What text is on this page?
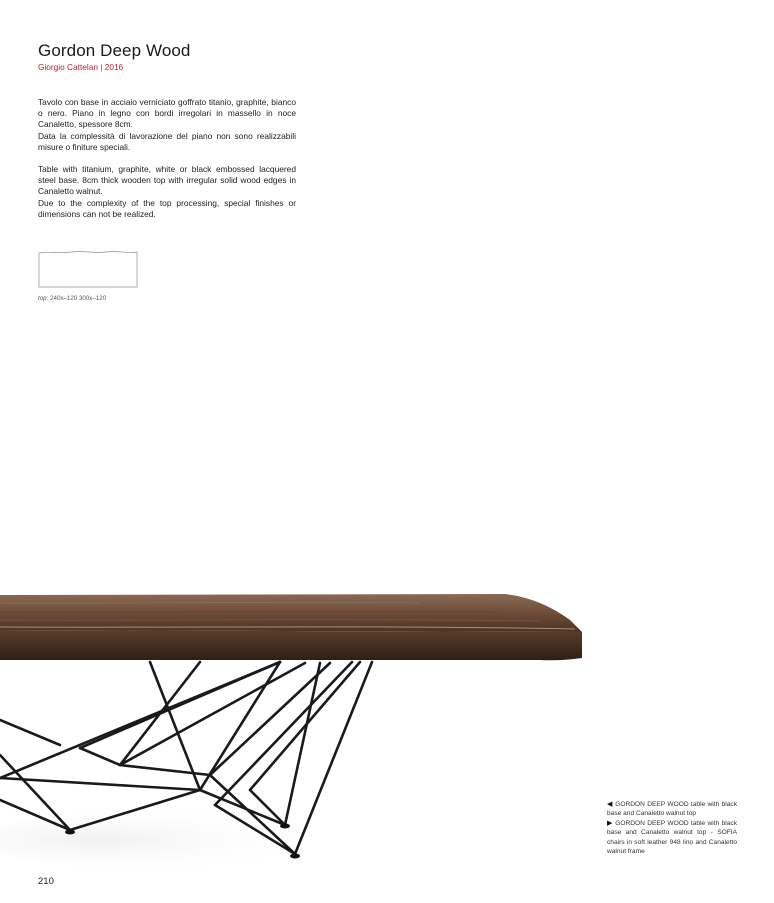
Gordon Deep Wood
Giorgio Cattelan | 2016

Tavolo con base in acciaio verniciato goffrato titanio, graphite, bianco o nero. Piano in legno con bordi irregolari in massello in noce Canaletto, spessore 8cm.

Data la complessità di lavorazione del piano non sono realizzabili misure o finiture speciali.

Table with titanium, graphite, white or black embossed lacquered steel base. 8cm thick wooden top with irregular solid wood edges in Canaletto walnut.

Due to the complexity of the top processing, special finishes or dimensions can not be realized.

top: 240x–120 300x–120

◀ GORDON DEEP WOOD table with black base and Canaletto walnut top

▶ GORDON DEEP WOOD table with black base and Canaletto walnut top - SOFIA chairs in soft leather 948 lino and Canaletto walnut frame

210
